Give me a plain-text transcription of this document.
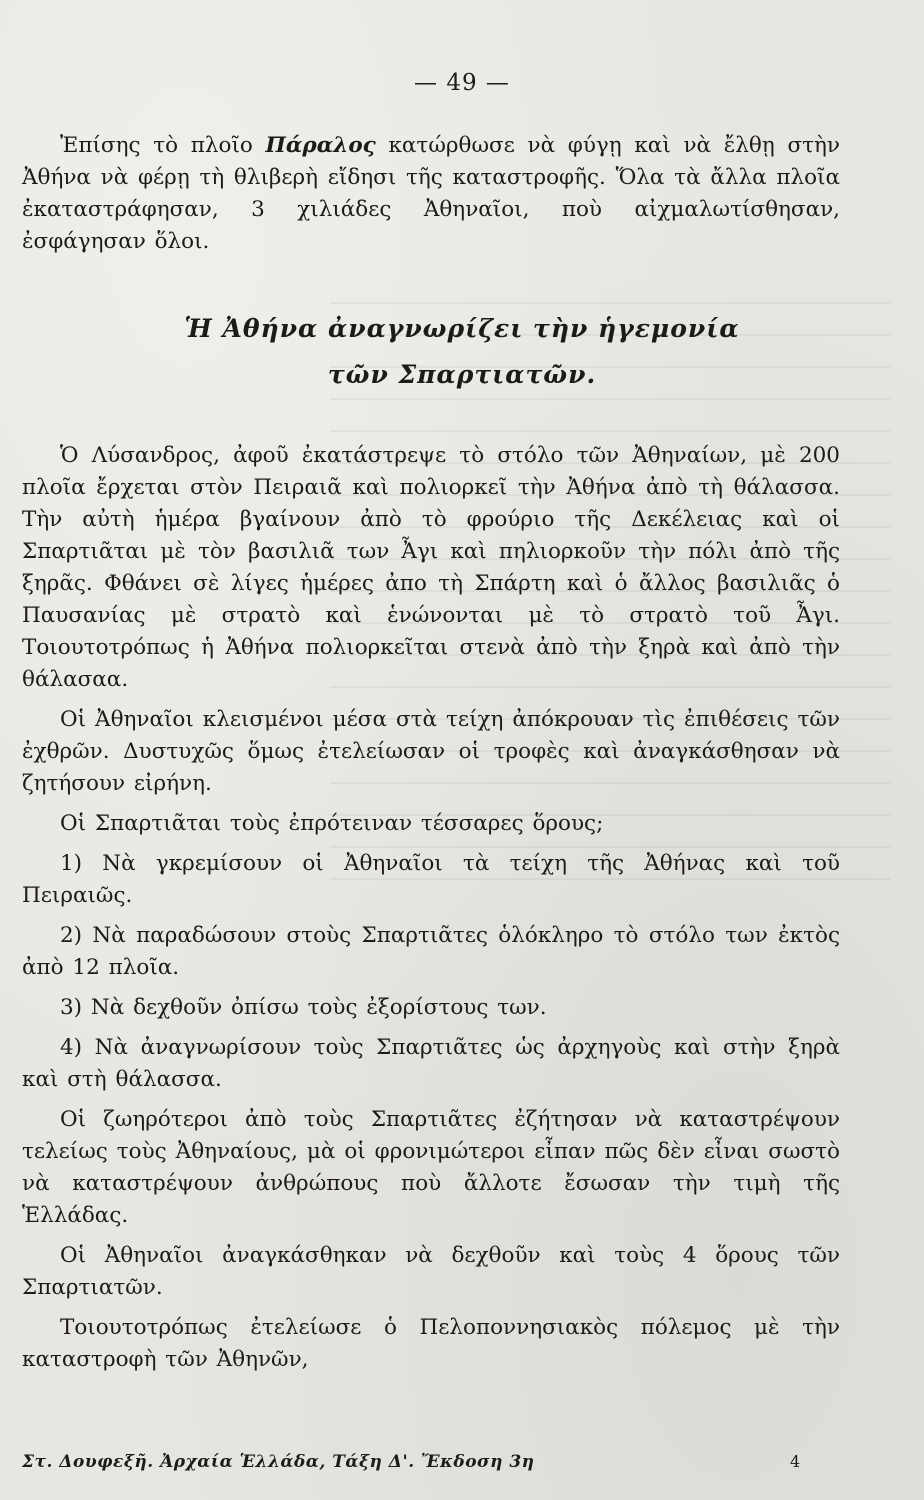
— 49 —

Ἐπίσης τὸ πλοῖο Πάραλος κατώρθωσε νὰ φύγῃ καὶ νὰ ἔλθῃ στὴν Ἀθήνα νὰ φέρῃ τὴ θλιβερὴ εἴδησι τῆς καταστροφῆς. Ὅλα τὰ ἄλλα πλοῖα ἐκαταστράφησαν, 3 χιλιάδες Ἀθηναῖοι, ποὺ αἰχμαλωτίσθησαν, ἐσφάγησαν ὅλοι.

Ἡ Ἀθήνα ἀναγνωρίζει τὴν ἡγεμονία
τῶν Σπαρτιατῶν.

Ὁ Λύσανδρος, ἀφοῦ ἐκατάστρεψε τὸ στόλο τῶν Ἀθηναίων, μὲ 200 πλοῖα ἔρχεται στὸν Πειραιᾶ καὶ πολιορκεῖ τὴν Ἀθήνα ἀπὸ τὴ θάλασσα. Τὴν αὐτὴ ἡμέρα βγαίνουν ἀπὸ τὸ φρούριο τῆς Δεκέλειας καὶ οἱ Σπαρτιᾶται μὲ τὸν βασιλιᾶ των Ἆγι καὶ πηλιορκοῦν τὴν πόλι ἀπὸ τῆς ξηρᾶς. Φθάνει σὲ λίγες ἡμέρες ἀπο τὴ Σπάρτη καὶ ὁ ἄλλος βασιλιᾶς ὁ Παυσανίας μὲ στρατὸ καὶ ἑνώνονται μὲ τὸ στρατὸ τοῦ Ἆγι. Τοιουτοτρόπως ἡ Ἀθήνα πολιορκεῖται στενὰ ἀπὸ τὴν ξηρὰ καὶ ἀπὸ τὴν θάλασαα.

Οἱ Ἀθηναῖοι κλεισμένοι μέσα στὰ τείχη ἀπόκρουαν τὶς ἐπιθέσεις τῶν ἐχθρῶν. Δυστυχῶς ὅμως ἐτελείωσαν οἱ τροφὲς καὶ ἀναγκάσθησαν νὰ ζητήσουν εἰρήνη.

Οἱ Σπαρτιᾶται τοὺς ἐπρότειναν τέσσαρες ὅρους;

1) Νὰ γκρεμίσουν οἱ Ἀθηναῖοι τὰ τείχη τῆς Ἀθήνας καὶ τοῦ Πειραιῶς.

2) Νὰ παραδώσουν στοὺς Σπαρτιᾶτες ὁλόκληρο τὸ στόλο των ἐκτὸς ἀπὸ 12 πλοῖα.

3) Νὰ δεχθοῦν ὀπίσω τοὺς ἐξορίστους των.

4) Νὰ ἀναγνωρίσουν τοὺς Σπαρτιᾶτες ὡς ἀρχηγοὺς καὶ στὴν ξηρὰ καὶ στὴ θάλασσα.

Οἱ ζωηρότεροι ἀπὸ τοὺς Σπαρτιᾶτες ἐζήτησαν νὰ καταστρέψουν τελείως τοὺς Ἀθηναίους, μὰ οἱ φρονιμώτεροι εἶπαν πῶς δὲν εἶναι σωστὸ νὰ καταστρέψουν ἀνθρώπους ποὺ ἄλλοτε ἔσωσαν τὴν τιμὴ τῆς Ἑλλάδας.

Οἱ Ἀθηναῖοι ἀναγκάσθηκαν νὰ δεχθοῦν καὶ τοὺς 4 ὅρους τῶν Σπαρτιατῶν.

Τοιουτοτρόπως ἐτελείωσε ὁ Πελοποννησιακὸς πόλεμος μὲ τὴν καταστροφὴ τῶν Ἀθηνῶν,

Στ. Δουφεξῆ. Ἀρχαία Ἑλλάδα, Τάξη Δ'. Ἔκδοση 3η	4
